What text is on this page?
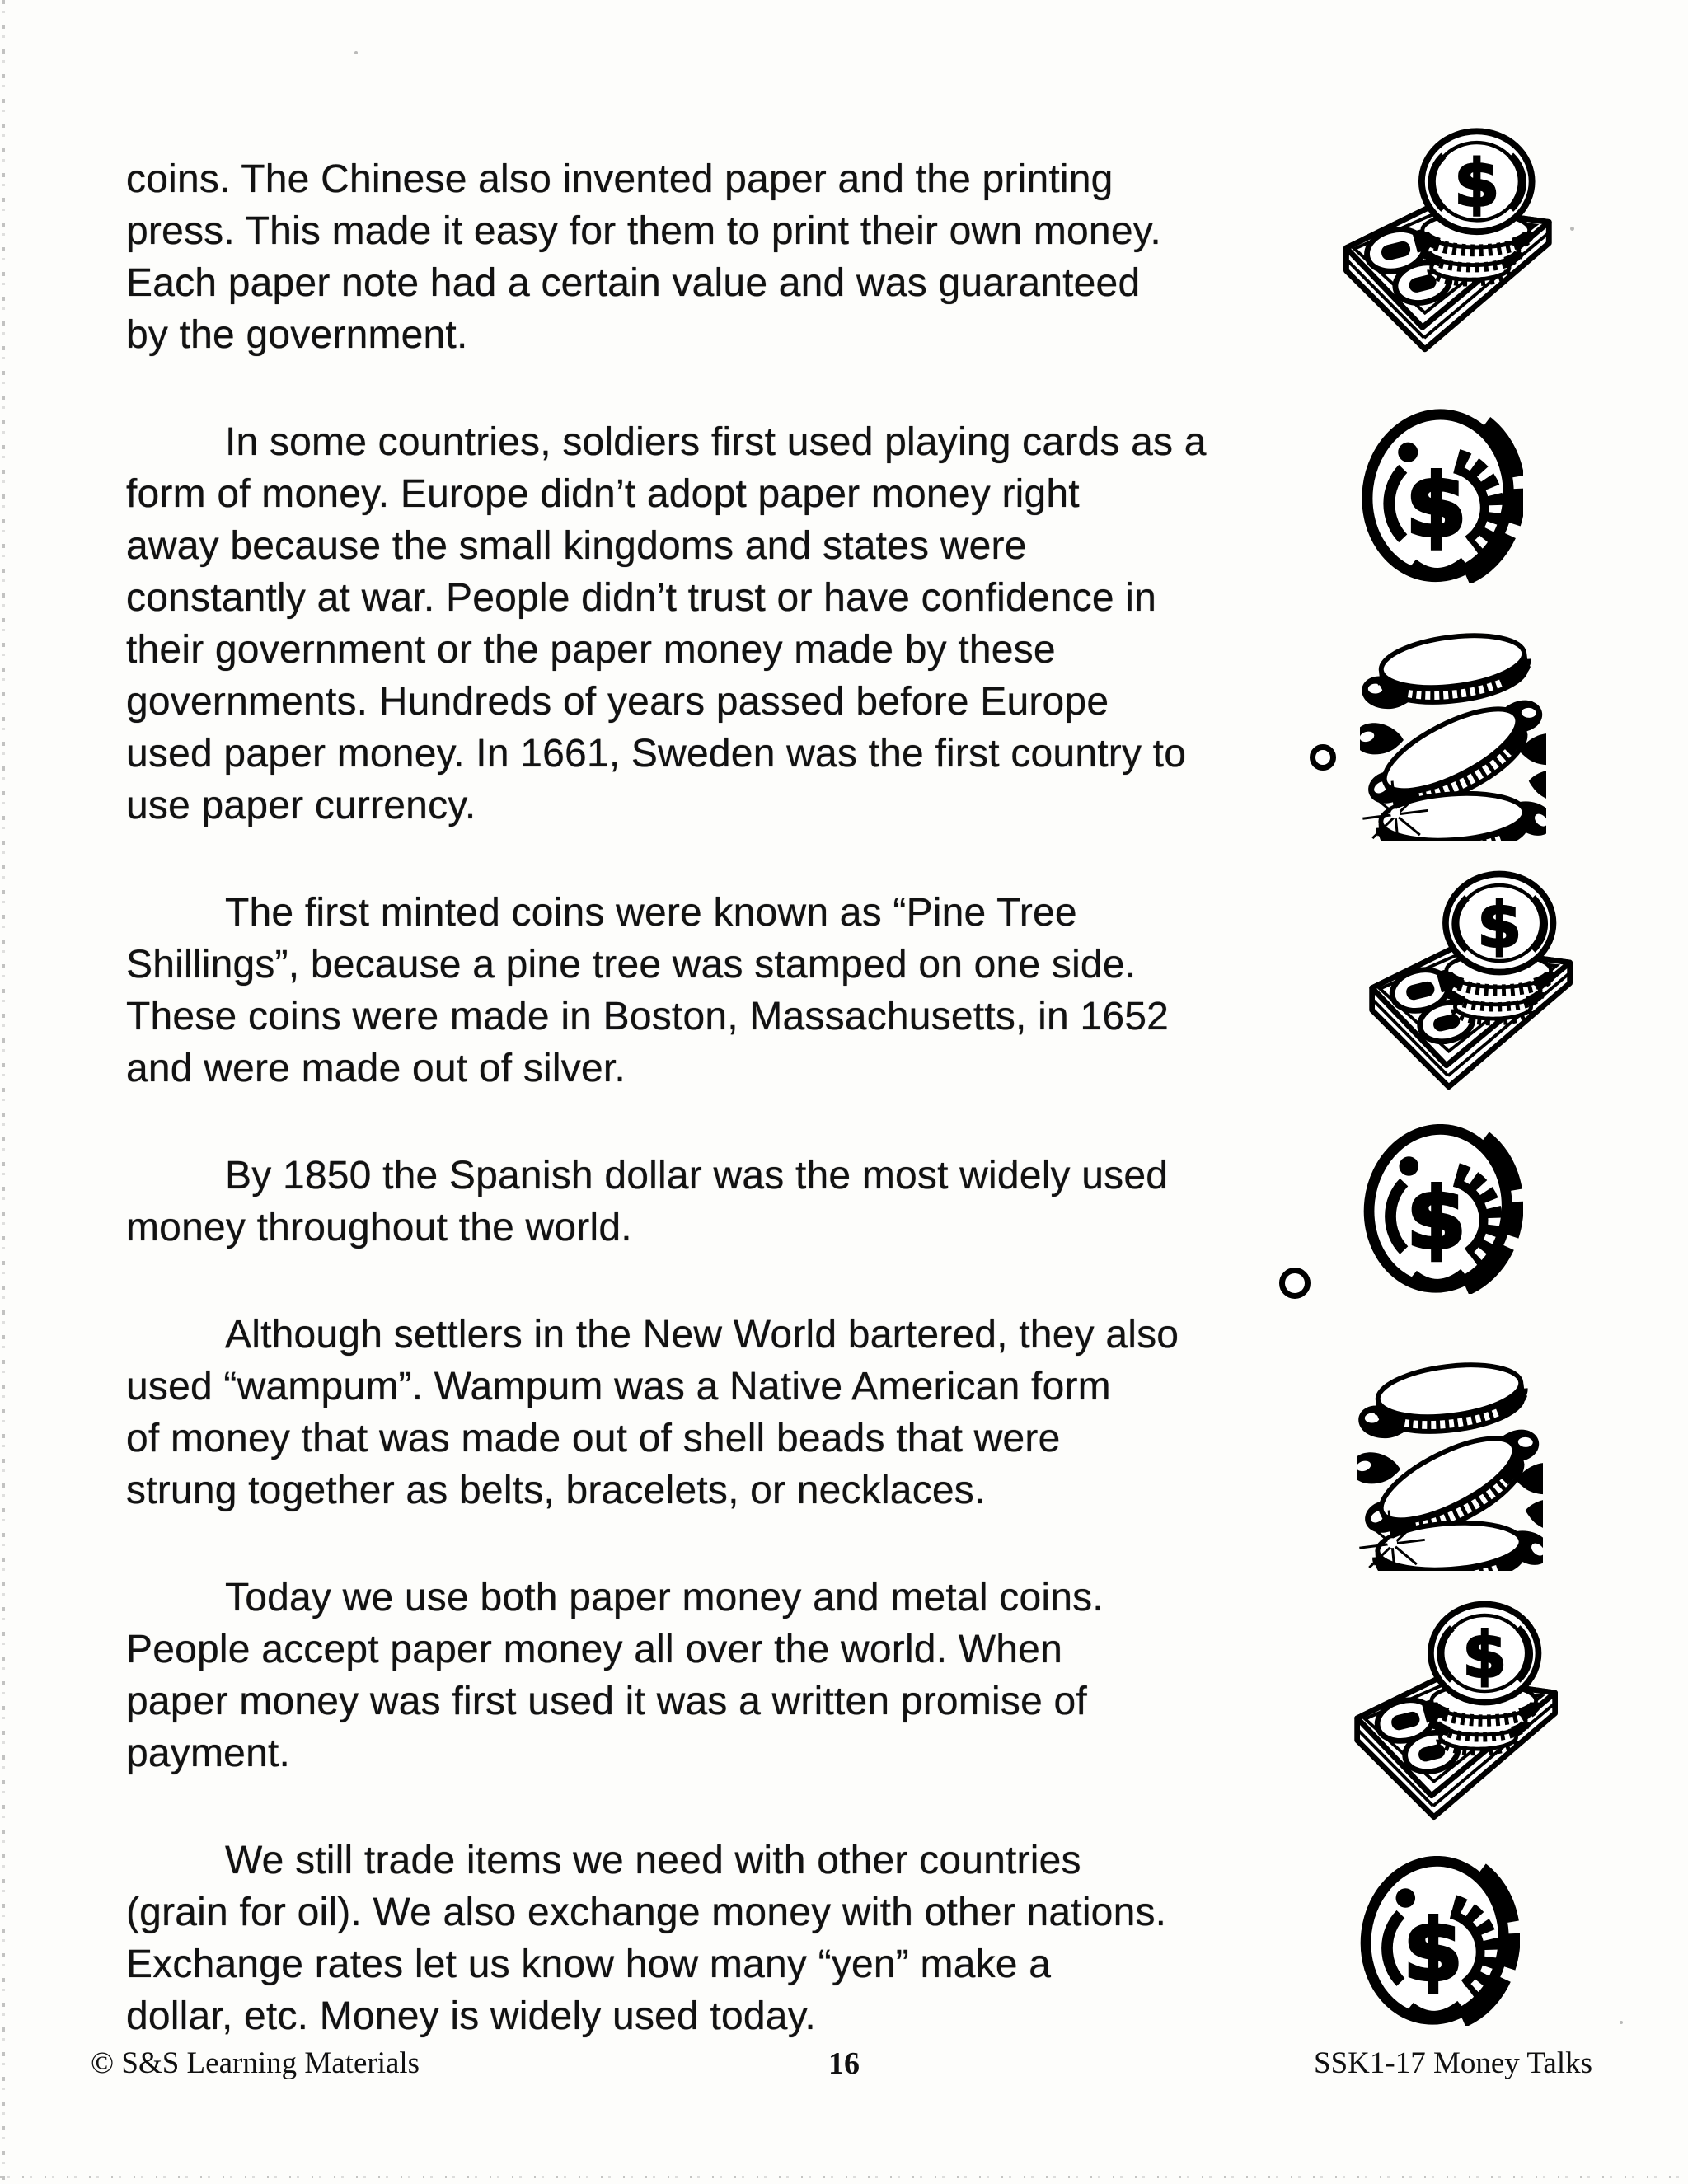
coins. The Chinese also invented paper and the printing
press. This made it easy for them to print their own money.
Each paper note had a certain value and was guaranteed
by the government.
In some countries, soldiers first used playing cards as a
form of money. Europe didn’t adopt paper money right
away because the small kingdoms and states were
constantly at war. People didn’t trust or have confidence in
their government or the paper money made by these
governments. Hundreds of years passed before Europe
used paper money. In 1661, Sweden was the first country to
use paper currency.
The first minted coins were known as “Pine Tree
Shillings”, because a pine tree was stamped on one side.
These coins were made in Boston, Massachusetts, in 1652
and were made out of silver.
By 1850 the Spanish dollar was the most widely used
money throughout the world.
Although settlers in the New World bartered, they also
used “wampum”. Wampum was a Native American form
of money that was made out of shell beads that were
strung together as belts, bracelets, or necklaces.
Today we use both paper money and metal coins.
People accept paper money all over the world. When
paper money was first used it was a written promise of
payment.
We still trade items we need with other countries
(grain for oil). We also exchange money with other nations.
Exchange rates let us know how many “yen” make a
dollar, etc. Money is widely used today.
© S&S Learning Materials	16	SSK1-17 Money Talks
